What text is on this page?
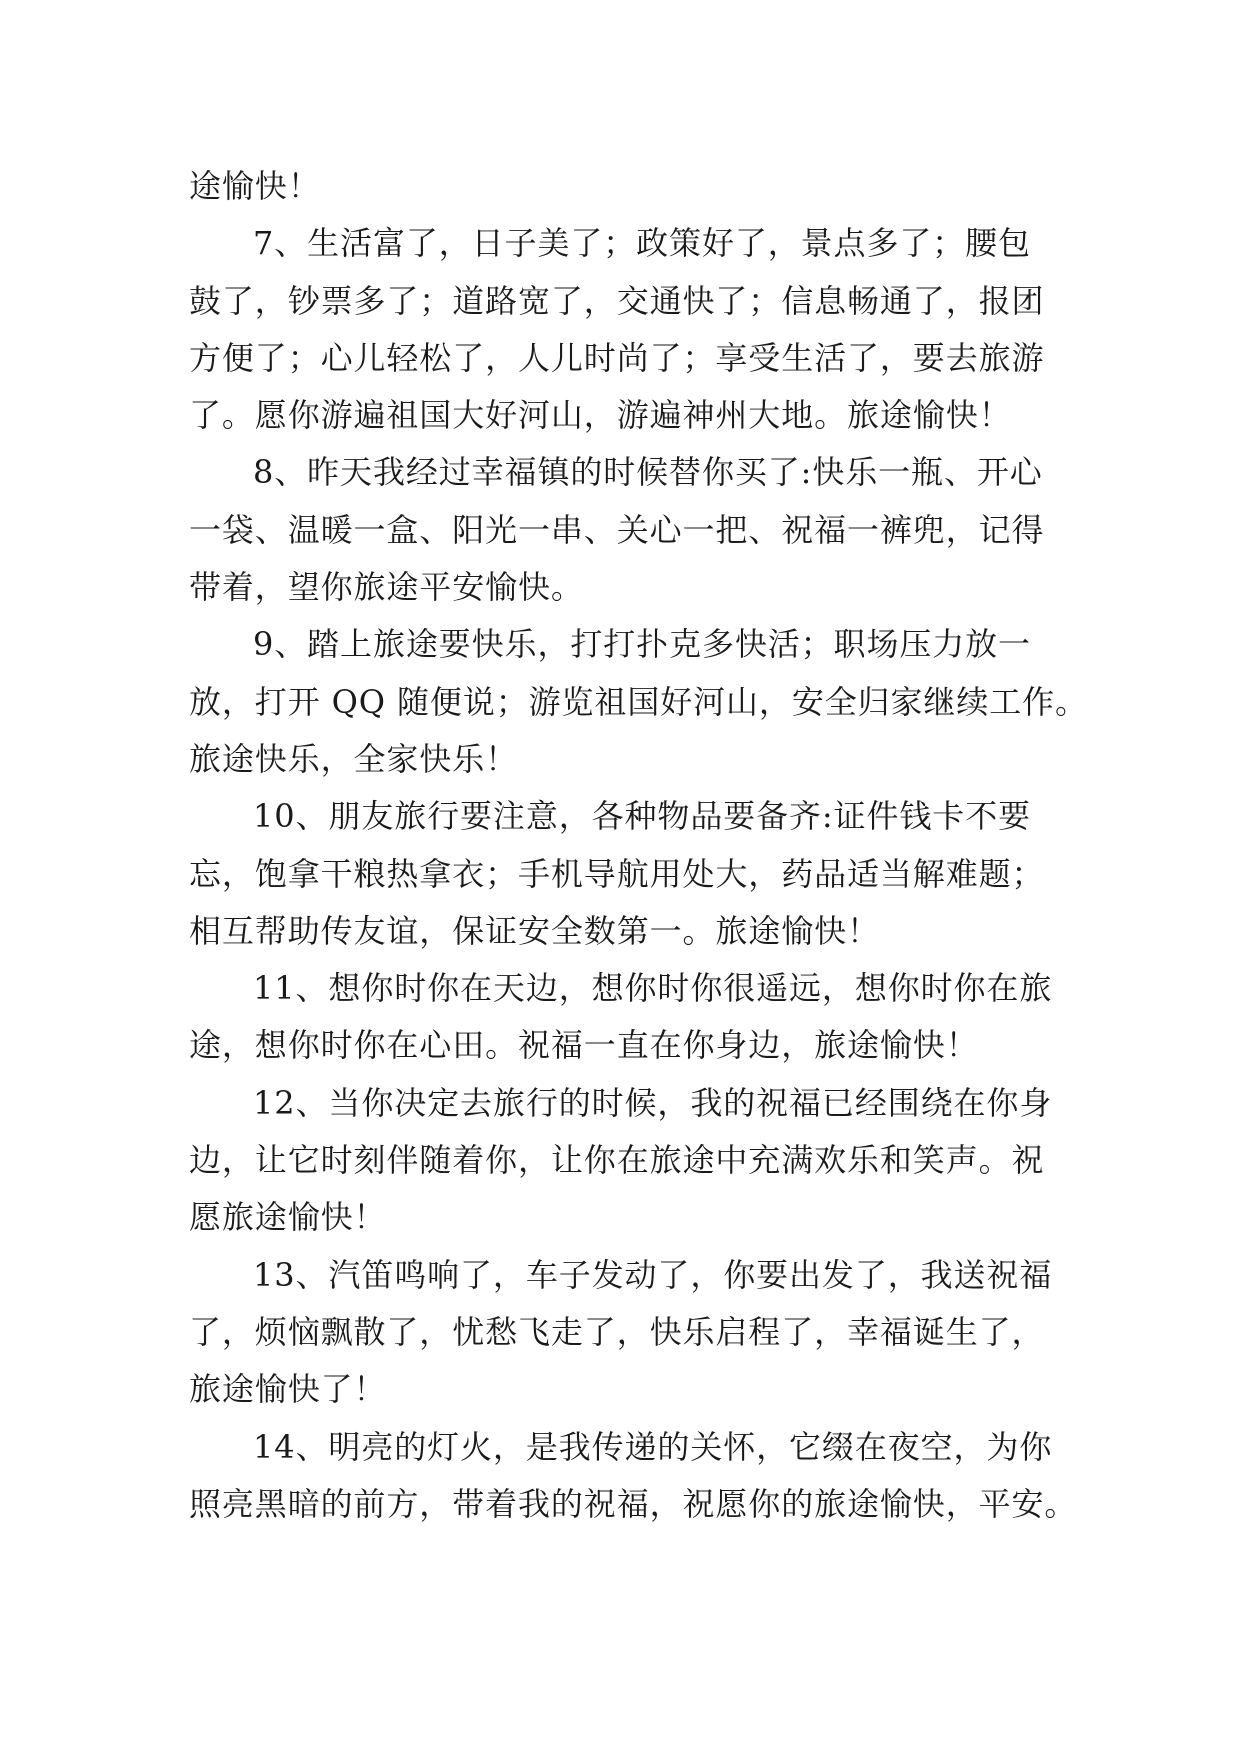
途愉快！
7、生活富了，日子美了；政策好了，景点多了；腰包
鼓了，钞票多了；道路宽了，交通快了；信息畅通了，报团
方便了；心儿轻松了，人儿时尚了；享受生活了，要去旅游
了。愿你游遍祖国大好河山，游遍神州大地。旅途愉快！
8、昨天我经过幸福镇的时候替你买了:快乐一瓶、开心
一袋、温暖一盒、阳光一串、关心一把、祝福一裤兜，记得
带着，望你旅途平安愉快。
9、踏上旅途要快乐，打打扑克多快活；职场压力放一
放，打开 QQ 随便说；游览祖国好河山，安全归家继续工作。
旅途快乐，全家快乐！
10、朋友旅行要注意，各种物品要备齐:证件钱卡不要
忘，饱拿干粮热拿衣；手机导航用处大，药品适当解难题；
相互帮助传友谊，保证安全数第一。旅途愉快！
11、想你时你在天边，想你时你很遥远，想你时你在旅
途，想你时你在心田。祝福一直在你身边，旅途愉快！
12、当你决定去旅行的时候，我的祝福已经围绕在你身
边，让它时刻伴随着你，让你在旅途中充满欢乐和笑声。祝
愿旅途愉快！
13、汽笛鸣响了，车子发动了，你要出发了，我送祝福
了，烦恼飘散了，忧愁飞走了，快乐启程了，幸福诞生了，
旅途愉快了！
14、明亮的灯火，是我传递的关怀，它缀在夜空，为你
照亮黑暗的前方，带着我的祝福，祝愿你的旅途愉快，平安。
